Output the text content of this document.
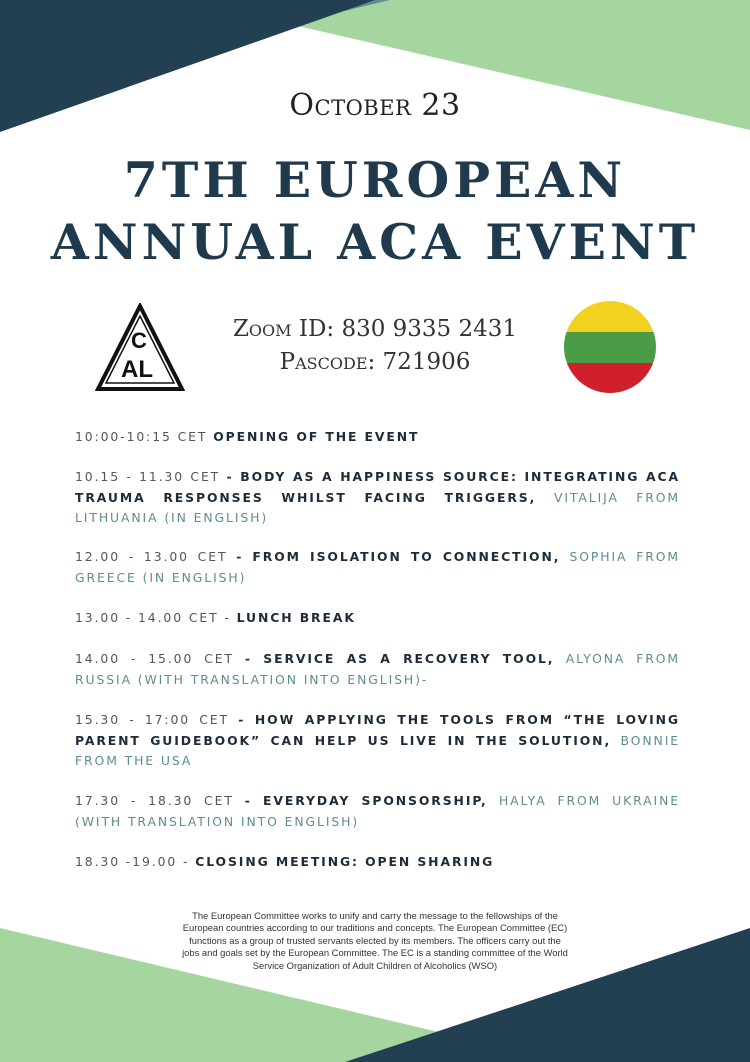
October 23
7TH EUROPEAN
ANNUAL ACA EVENT
C
AL
Zoom ID: 830 9335 2431
Pascode: 721906
10:00-10:15 CET OPENING OF THE EVENT
10.15 - 11.30 CET - BODY AS A HAPPINESS SOURCE: INTEGRATING ACA TRAUMA RESPONSES WHILST FACING TRIGGERS, VITALIJA FROM LITHUANIA (IN ENGLISH)
12.00 - 13.00 CET - FROM ISOLATION TO CONNECTION, SOPHIA FROM GREECE (IN ENGLISH)
13.00 - 14.00 CET - LUNCH BREAK
14.00 - 15.00 CET - SERVICE AS A RECOVERY TOOL, ALYONA FROM RUSSIA (WITH TRANSLATION INTO ENGLISH)-
15.30 - 17:00 CET - HOW APPLYING THE TOOLS FROM “THE LOVING PARENT GUIDEBOOK” CAN HELP US LIVE IN THE SOLUTION, BONNIE FROM THE USA
17.30 - 18.30 CET - EVERYDAY SPONSORSHIP, HALYA FROM UKRAINE (WITH TRANSLATION INTO ENGLISH)
18.30 -19.00 - CLOSING MEETING: OPEN SHARING
The European Committee works to unify and carry the message to the fellowships of the European countries according to our traditions and concepts. The European Committee (EC) functions as a group of trusted servants elected by its members. The officers carry out the jobs and goals set by the European Committee. The EC is a standing committee of the World Service Organization of Adult Children of Alcoholics (WSO)
